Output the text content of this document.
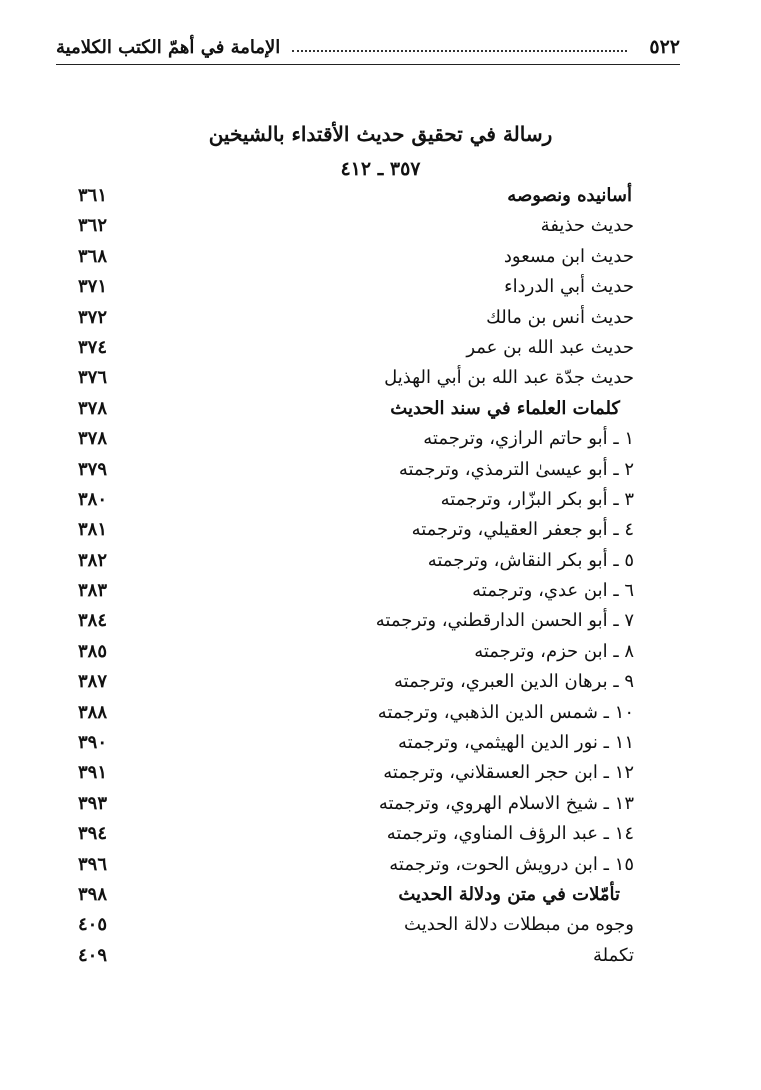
٥٢٢
الإمامة في أهمّ الكتب الكلامية
رسالة في تحقيق حديث الأقتداء بالشيخين
٣٥٧ ـ ٤١٢
أسانيده ونصوصه
٣٦١
حديث حذيفة
٣٦٢
حديث ابن مسعود
٣٦٨
حديث أبي الدرداء
٣٧١
حديث أنس بن مالك
٣٧٢
حديث عبد الله بن عمر
٣٧٤
حديث جدّة عبد الله بن أبي الهذيل
٣٧٦
كلمات العلماء في سند الحديث
٣٧٨
١ ـ أبو حاتم الرازي، وترجمته
٣٧٨
٢ ـ أبو عيسىٰ الترمذي، وترجمته
٣٧٩
٣ ـ أبو بكر البزّار، وترجمته
٣٨٠
٤ ـ أبو جعفر العقيلي، وترجمته
٣٨١
٥ ـ أبو بكر النقاش، وترجمته
٣٨٢
٦ ـ ابن عدي، وترجمته
٣٨٣
٧ ـ أبو الحسن الدارقطني، وترجمته
٣٨٤
٨ ـ ابن حزم، وترجمته
٣٨٥
٩ ـ برهان الدين العبري، وترجمته
٣٨٧
١٠ ـ شمس الدين الذهبي، وترجمته
٣٨٨
١١ ـ نور الدين الهيثمي، وترجمته
٣٩٠
١٢ ـ ابن حجر العسقلاني، وترجمته
٣٩١
١٣ ـ شيخ الاسلام الهروي، وترجمته
٣٩٣
١٤ ـ عبد الرؤف المناوي، وترجمته
٣٩٤
١٥ ـ ابن درويش الحوت، وترجمته
٣٩٦
تأمّلات في متن ودلالة الحديث
٣٩٨
وجوه من مبطلات دلالة الحديث
٤٠٥
تكملة
٤٠٩
